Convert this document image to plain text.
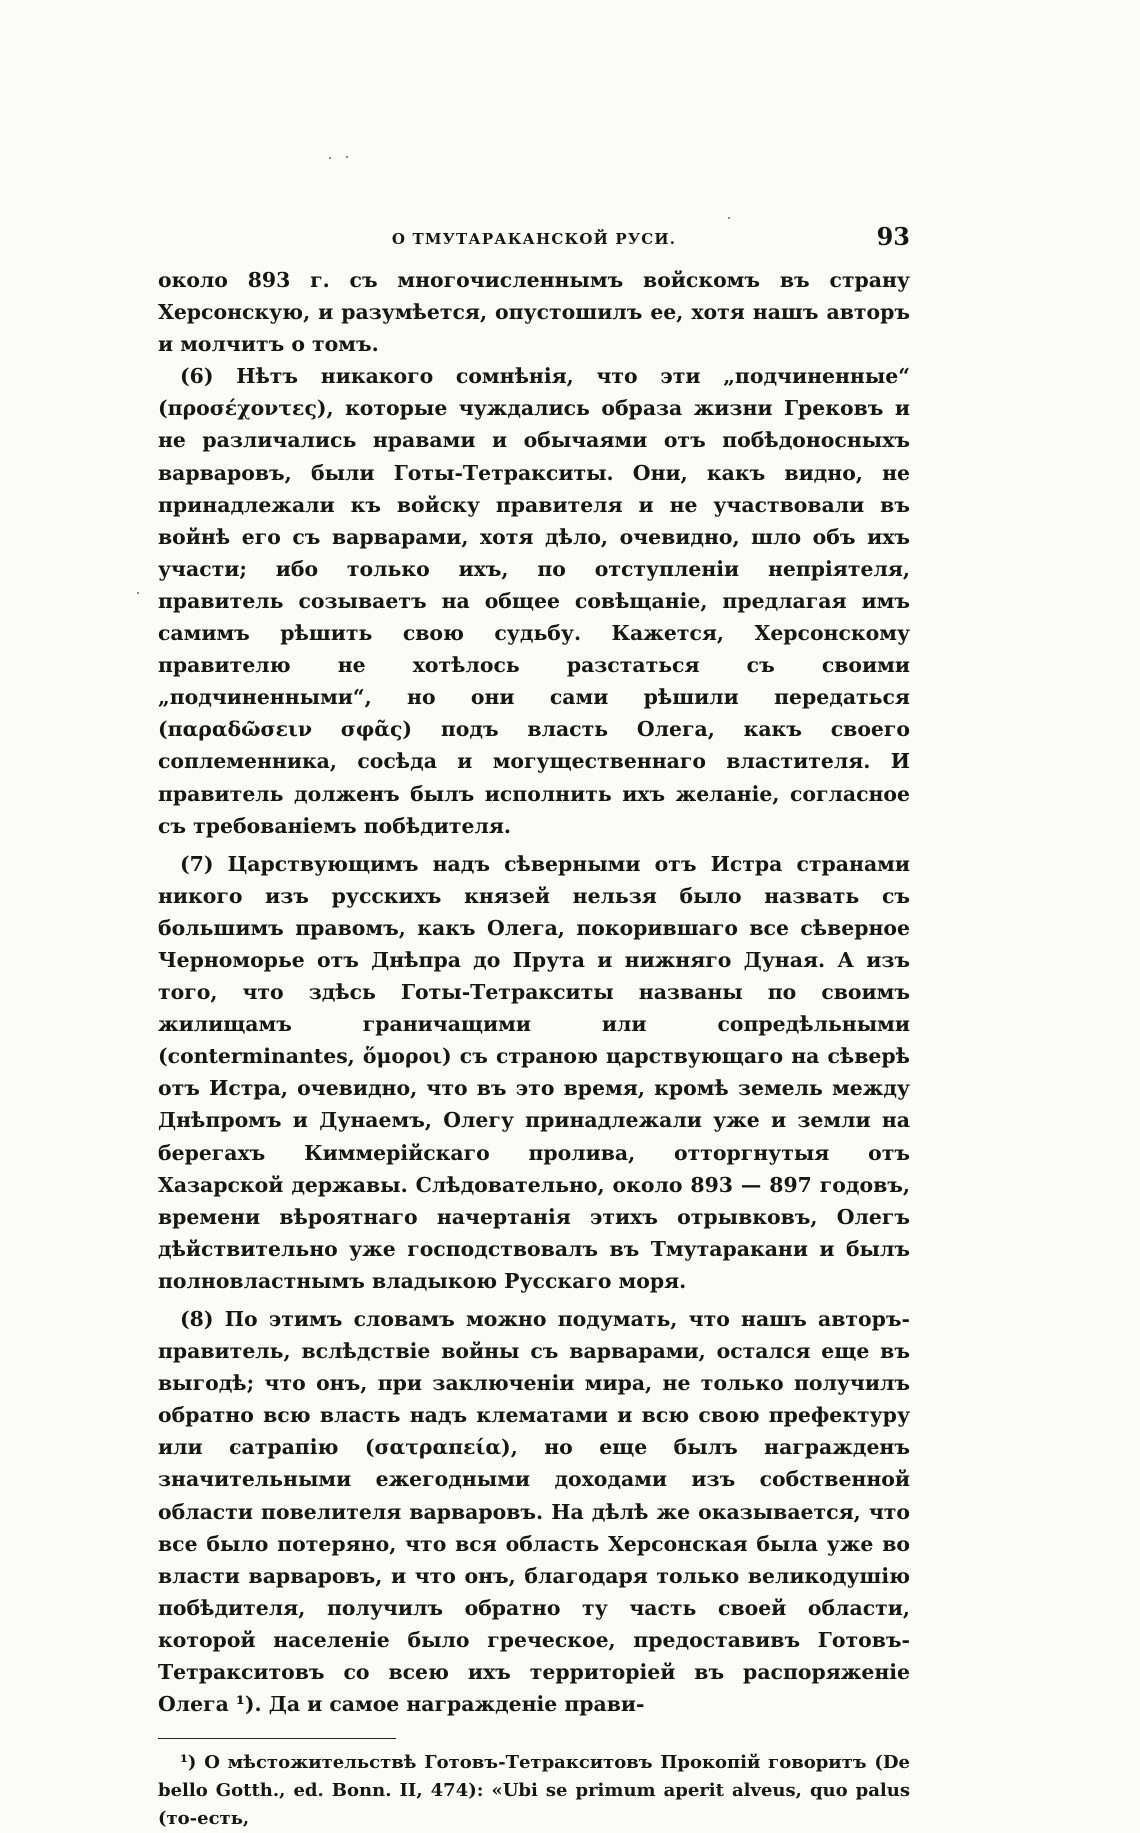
О ТМУТАРАКАНСКОЙ РУСИ.	93

около 893 г. съ многочисленнымъ войскомъ въ страну Херсонскую, и разумѣется, опустошилъ ее, хотя нашъ авторъ и молчитъ о томъ.

(6) Нѣтъ никакого сомнѣнія, что эти „подчиненные“ (προσέχοντες), которые чуждались образа жизни Грековъ и не различались нравами и обычаями отъ побѣдоносныхъ варваровъ, были Готы-Тетракситы. Они, какъ видно, не принадлежали къ войску правителя и не участвовали въ войнѣ его съ варварами, хотя дѣло, очевидно, шло объ ихъ участи; ибо только ихъ, по отступленіи непріятеля, правитель созываетъ на общее совѣщаніе, предлагая имъ самимъ рѣшить свою судьбу. Кажется, Херсонскому правителю не хотѣлось разстаться съ своими „подчиненными“, но они сами рѣшили передаться (παραδῶσειν σφᾶς) подъ власть Олега, какъ своего соплеменника, сосѣда и могущественнаго властителя. И правитель долженъ былъ исполнить ихъ желаніе, согласное съ требованіемъ побѣдителя.

(7) Царствующимъ надъ сѣверными отъ Истра странами никого изъ русскихъ князей нельзя было назвать съ большимъ правомъ, какъ Олега, покорившаго все сѣверное Черноморье отъ Днѣпра до Прута и нижняго Дуная. А изъ того, что здѣсь Готы-Тетракситы названы по своимъ жилищамъ граничащими или сопредѣльными (conterminantes, ὅμοροι) съ страною царствующаго на сѣверѣ отъ Истра, очевидно, что въ это время, кромѣ земель между Днѣпромъ и Дунаемъ, Олегу принадлежали уже и земли на берегахъ Киммерійскаго пролива, отторгнутыя отъ Хазарской державы. Слѣдовательно, около 893 — 897 годовъ, времени вѣроятнаго начертанія этихъ отрывковъ, Олегъ дѣйствительно уже господствовалъ въ Тмутаракани и былъ полновластнымъ владыкою Русскаго моря.

(8) По этимъ словамъ можно подумать, что нашъ авторъ-правитель, вслѣдствіе войны съ варварами, остался еще въ выгодѣ; что онъ, при заключеніи мира, не только получилъ обратно всю власть надъ клематами и всю свою префектуру или сатрапію (σατραπεία), но еще былъ награжденъ значительными ежегодными доходами изъ собственной области повелителя варваровъ. На дѣлѣ же оказывается, что все было потеряно, что вся область Херсонская была уже во власти варваровъ, и что онъ, благодаря только великодушію побѣдителя, получилъ обратно ту часть своей области, которой населеніе было греческое, предоставивъ Готовъ-Тетракситовъ со всею ихъ территоріей въ распоряженіе Олега ¹). Да и самое награжденіе прави-

¹) О мѣстожительствѣ Готовъ-Тетракситовъ Прокопій говоритъ (De bello Gotth., ed. Bonn. II, 474): «Ubi se primum aperit alveus, quo palus (то-есть,
